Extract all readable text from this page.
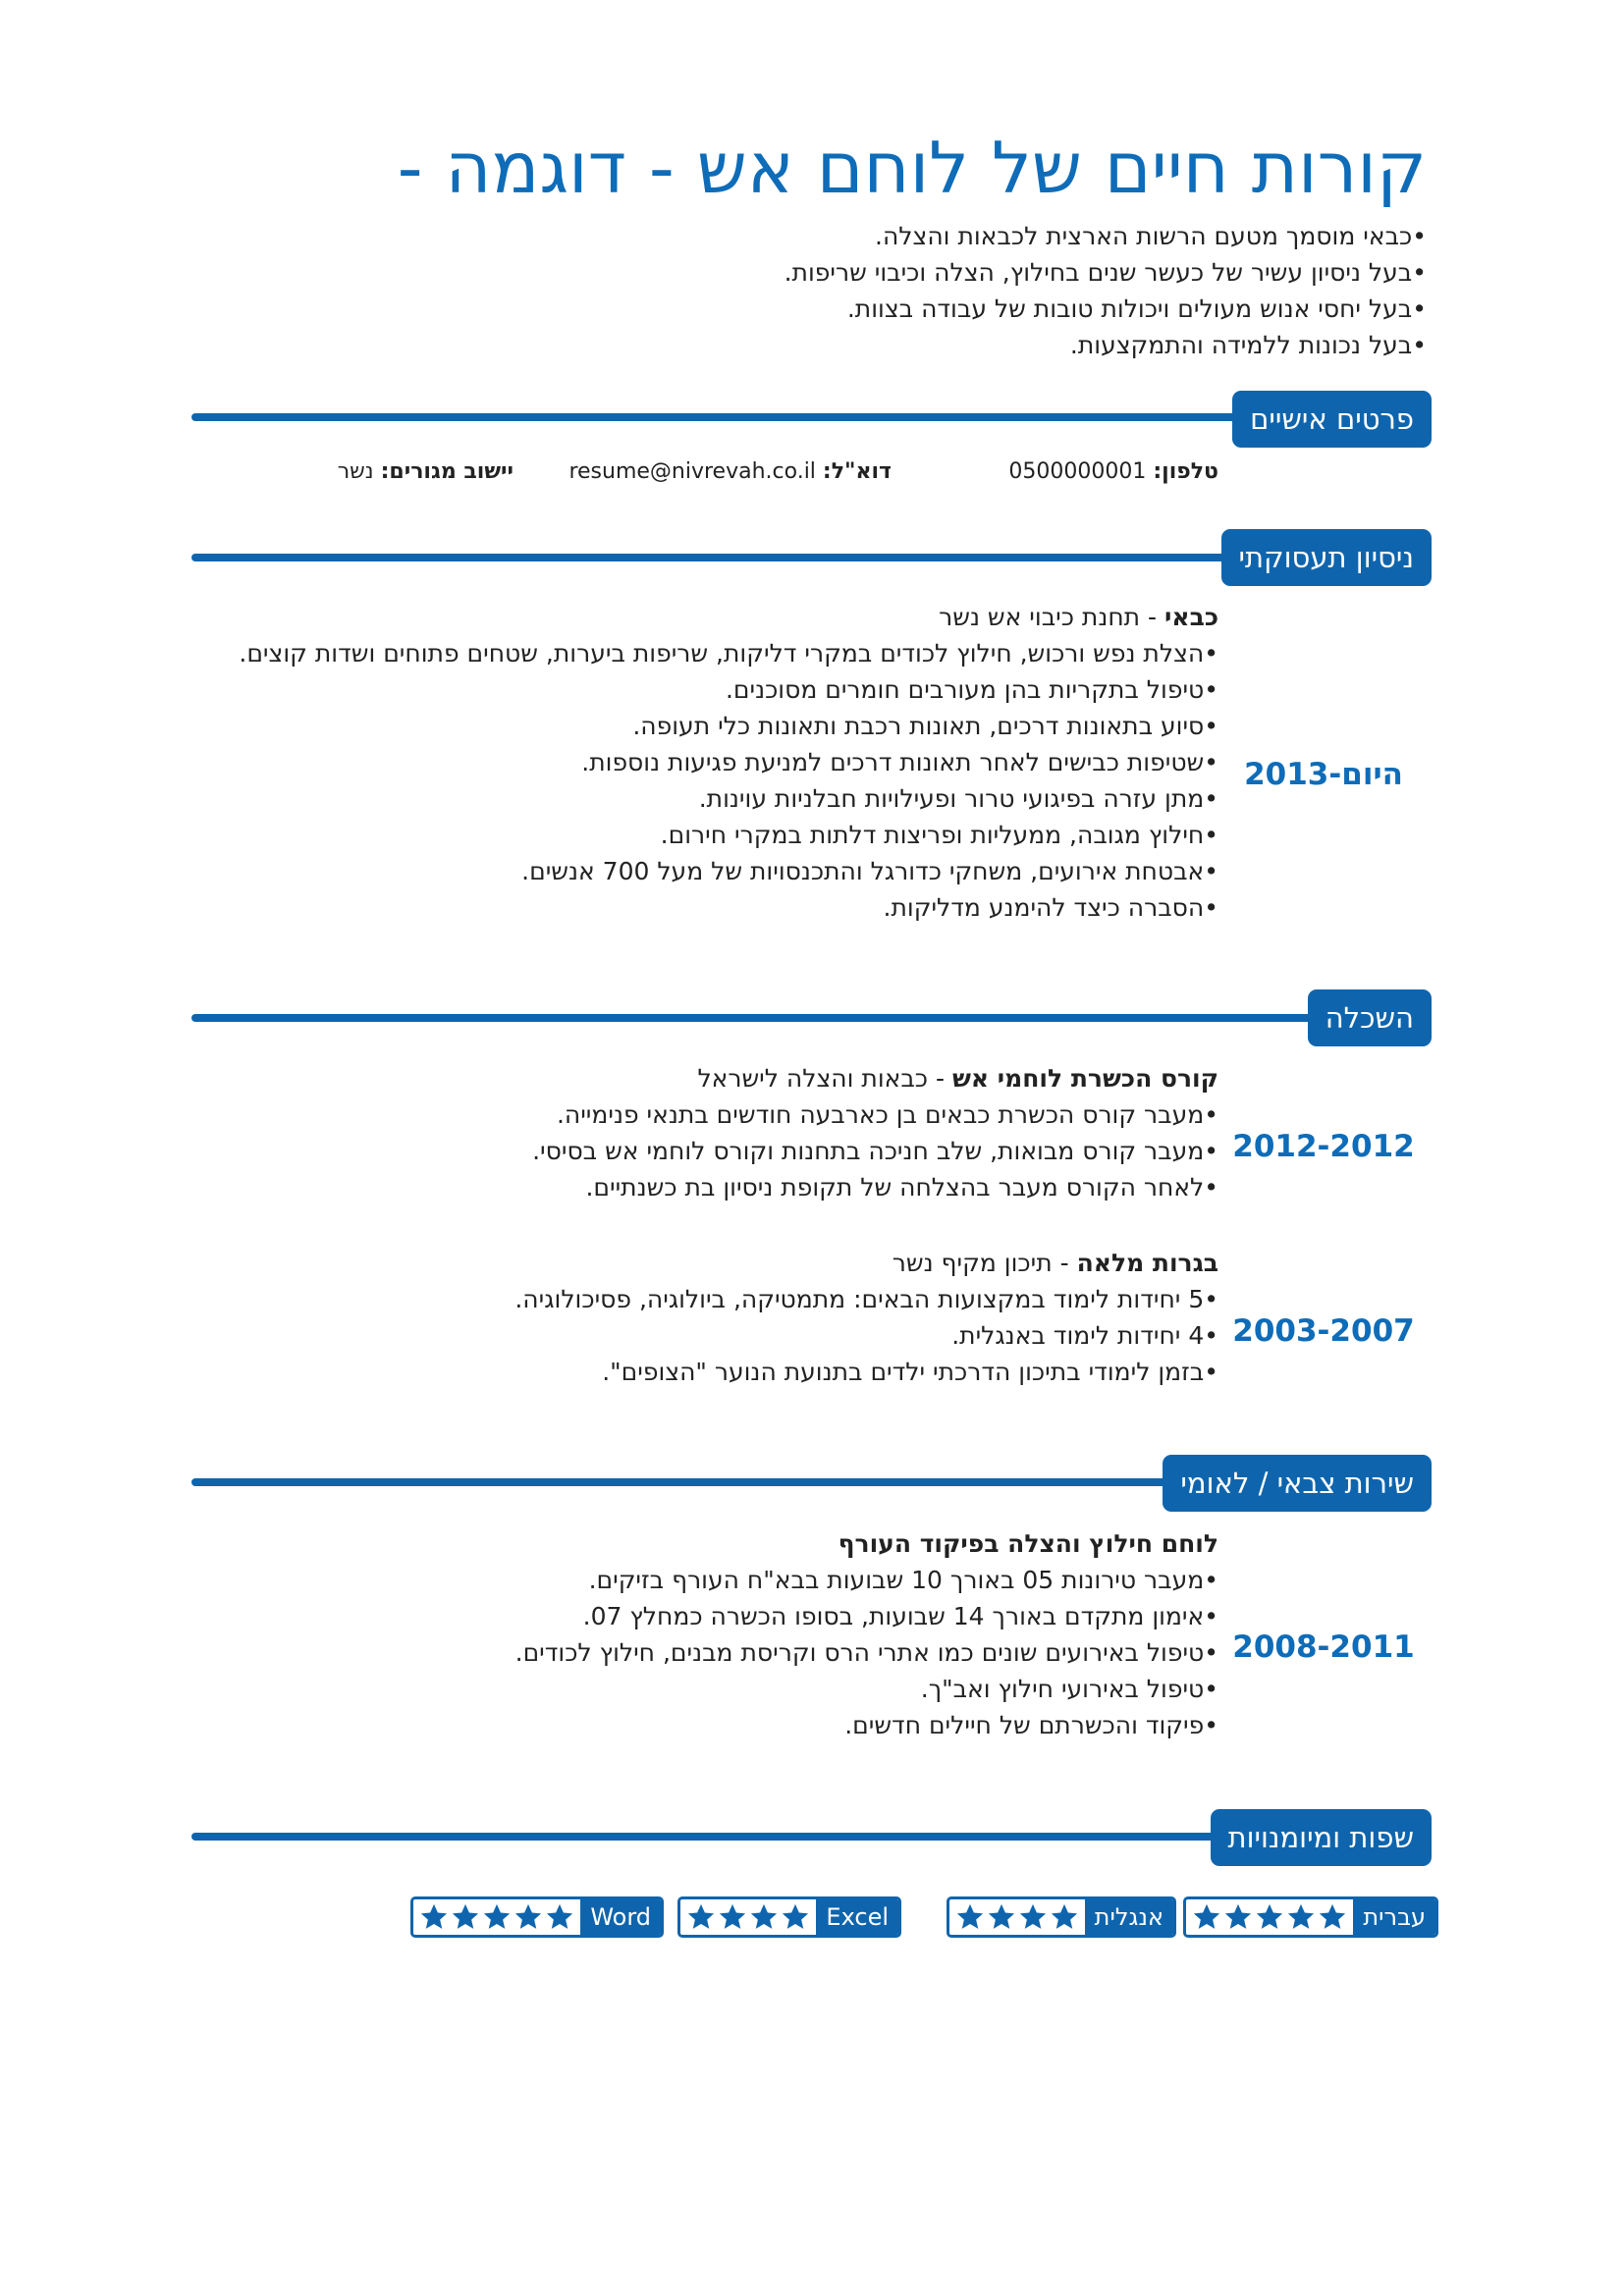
קורות חיים של לוחם אש - דוגמה -
•כבאי מוסמך מטעם הרשות הארצית לכבאות והצלה.
•בעל ניסיון עשיר של כעשר שנים בחילוץ, הצלה וכיבוי שריפות.
•בעל יחסי אנוש מעולים ויכולות טובות של עבודה בצוות.
•בעל נכונות ללמידה והתמקצעות.
פרטים אישיים
טלפון: 0500000001
דוא"ל: resume@nivrevah.co.il
יישוב מגורים: נשר
ניסיון תעסוקתי
כבאי - תחנת כיבוי אש נשר
•הצלת נפש ורכוש, חילוץ לכודים במקרי דליקות, שריפות ביערות, שטחים פתוחים ושדות קוצים.
•טיפול בתקריות בהן מעורבים חומרים מסוכנים.
•סיוע בתאונות דרכים, תאונות רכבת ותאונות כלי תעופה.
•שטיפות כבישים לאחר תאונות דרכים למניעת פגיעות נוספות.
•מתן עזרה בפיגועי טרור ופעילויות חבלניות עוינות.
•חילוץ מגובה, ממעליות ופריצות דלתות במקרי חירום.
•אבטחת אירועים, משחקי כדורגל והתכנסויות של מעל 700 אנשים.
•הסברה כיצד להימנע מדליקות.
2013-היום
השכלה
קורס הכשרת לוחמי אש - כבאות והצלה לישראל
•מעבר קורס הכשרת כבאים בן כארבעה חודשים בתנאי פנימייה.
•מעבר קורס מבואות, שלב חניכה בתחנות וקורס לוחמי אש בסיסי.
•לאחר הקורס מעבר בהצלחה של תקופת ניסיון בת כשנתיים.
2012-2012
בגרות מלאה - תיכון מקיף נשר
•5 יחידות לימוד במקצועות הבאים: מתמטיקה, ביולוגיה, פסיכולוגיה.
•4 יחידות לימוד באנגלית.
•בזמן לימודי בתיכון הדרכתי ילדים בתנועת הנוער "הצופים".
2003-2007
שירות צבאי / לאומי
לוחם חילוץ והצלה בפיקוד העורף
•מעבר טירונות 05 באורך 10 שבועות בבא"ח העורף בזיקים.
•אימון מתקדם באורך 14 שבועות, בסופו הכשרה כמחלץ 07.
•טיפול באירועים שונים כמו אתרי הרס וקריסת מבנים, חילוץ לכודים.
•טיפול באירועי חילוץ ואב"ך.
•פיקוד והכשרתם של חיילים חדשים.
2008-2011
שפות ומיומנויות
עברית
אנגלית
Excel
Word
